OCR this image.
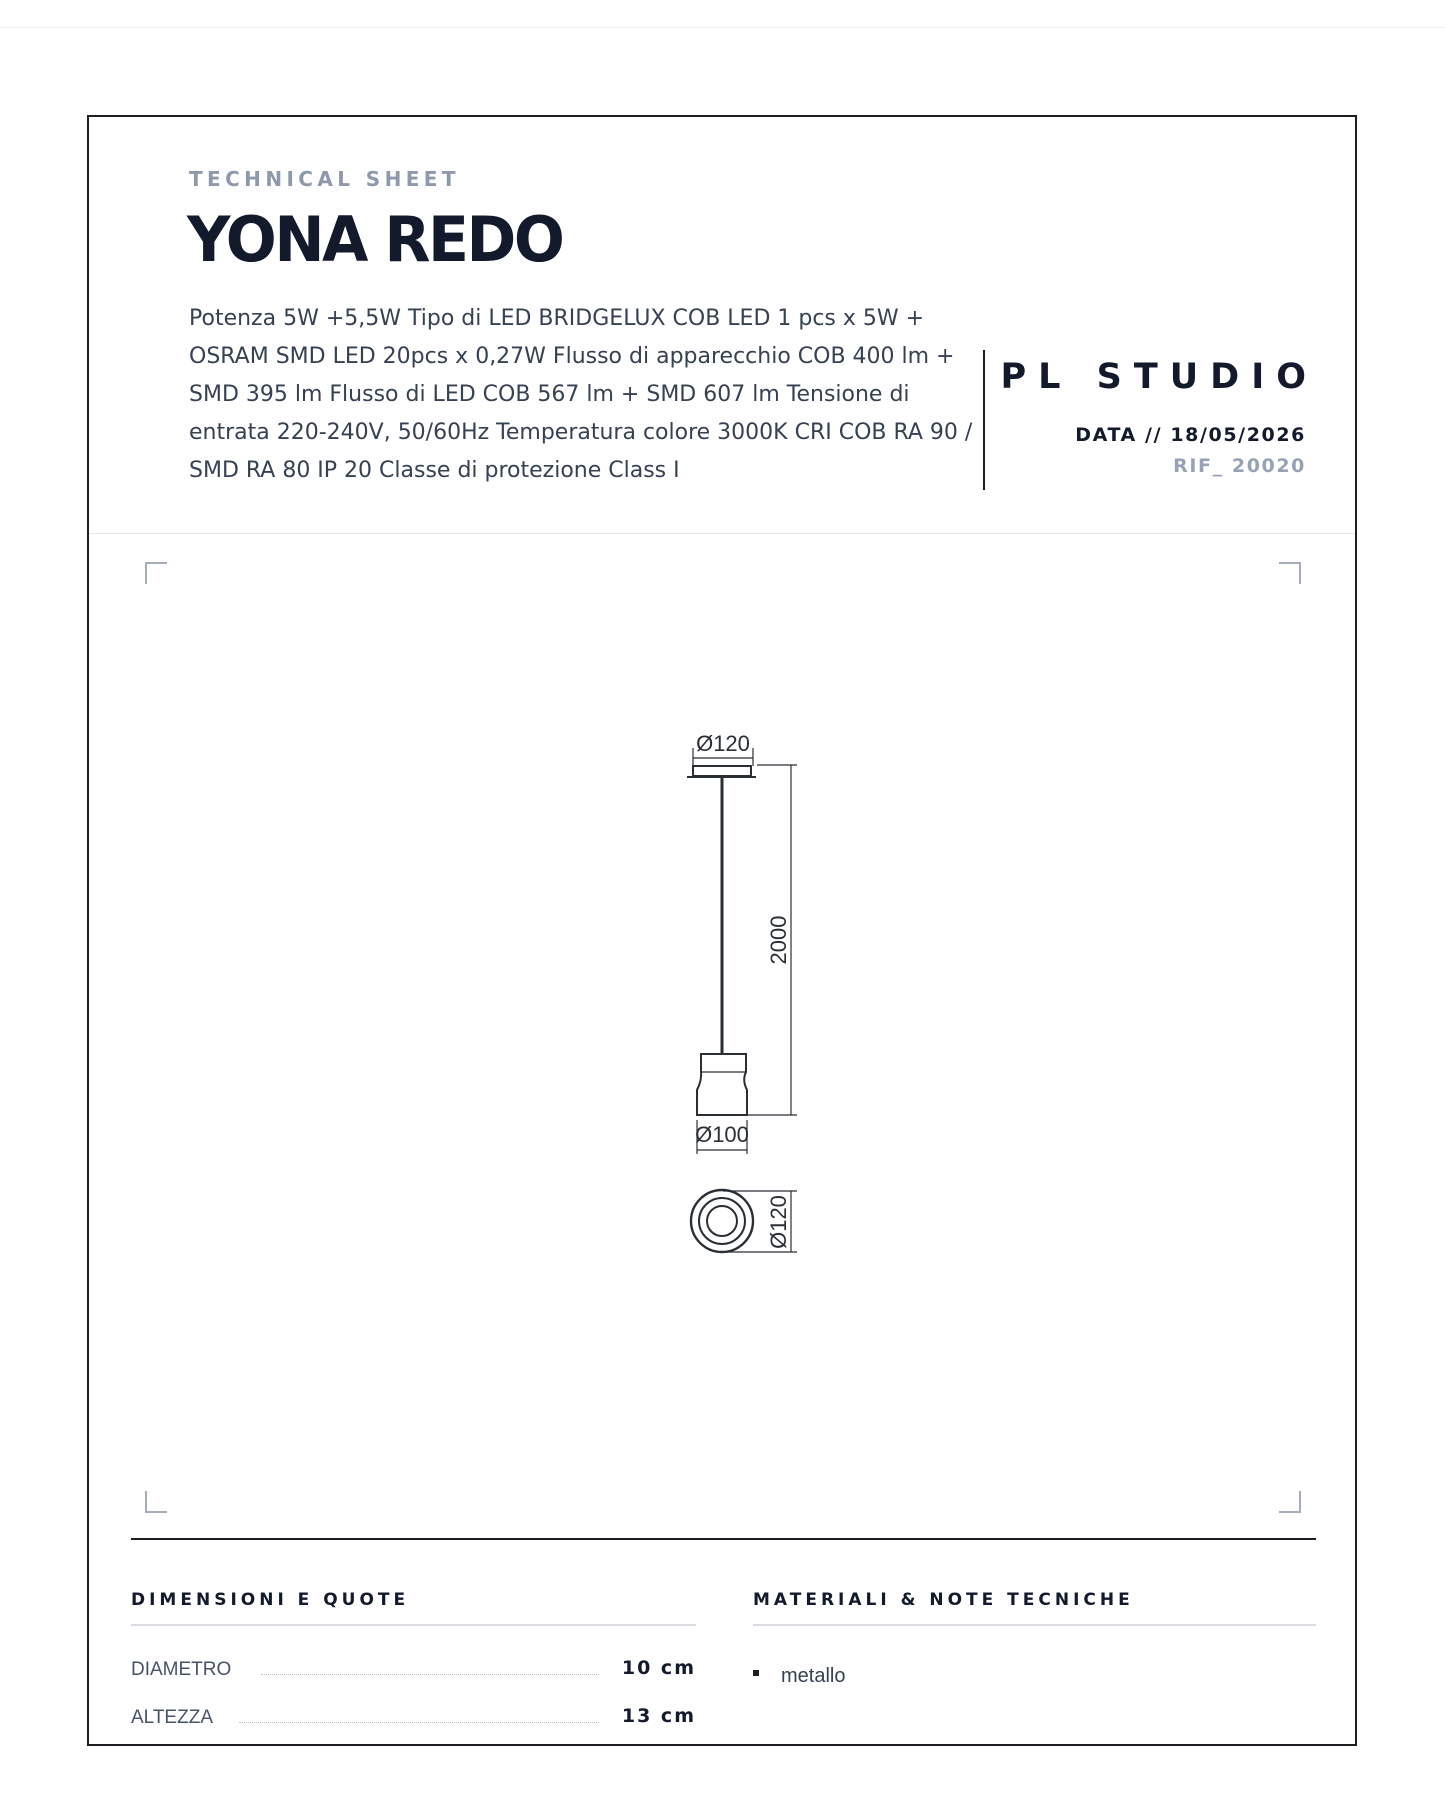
TECHNICAL SHEET
YONA REDO
Potenza 5W +5,5W Tipo di LED BRIDGELUX COB LED 1 pcs x 5W + OSRAM SMD LED 20pcs x 0,27W Flusso di apparecchio COB 400 lm + SMD 395 lm Flusso di LED COB 567 lm + SMD 607 lm Tensione di entrata 220-240V, 50/60Hz Temperatura colore 3000K CRI COB RA 90 / SMD RA 80 IP 20 Classe di protezione Class I
PL STUDIO
DATA // 18/05/2026
RIF_ 20020
Ø120
2000
Ø100
Ø120
DIMENSIONI E QUOTE
DIAMETRO	10 cm
ALTEZZA	13 cm
MATERIALI & NOTE TECNICHE
metallo
